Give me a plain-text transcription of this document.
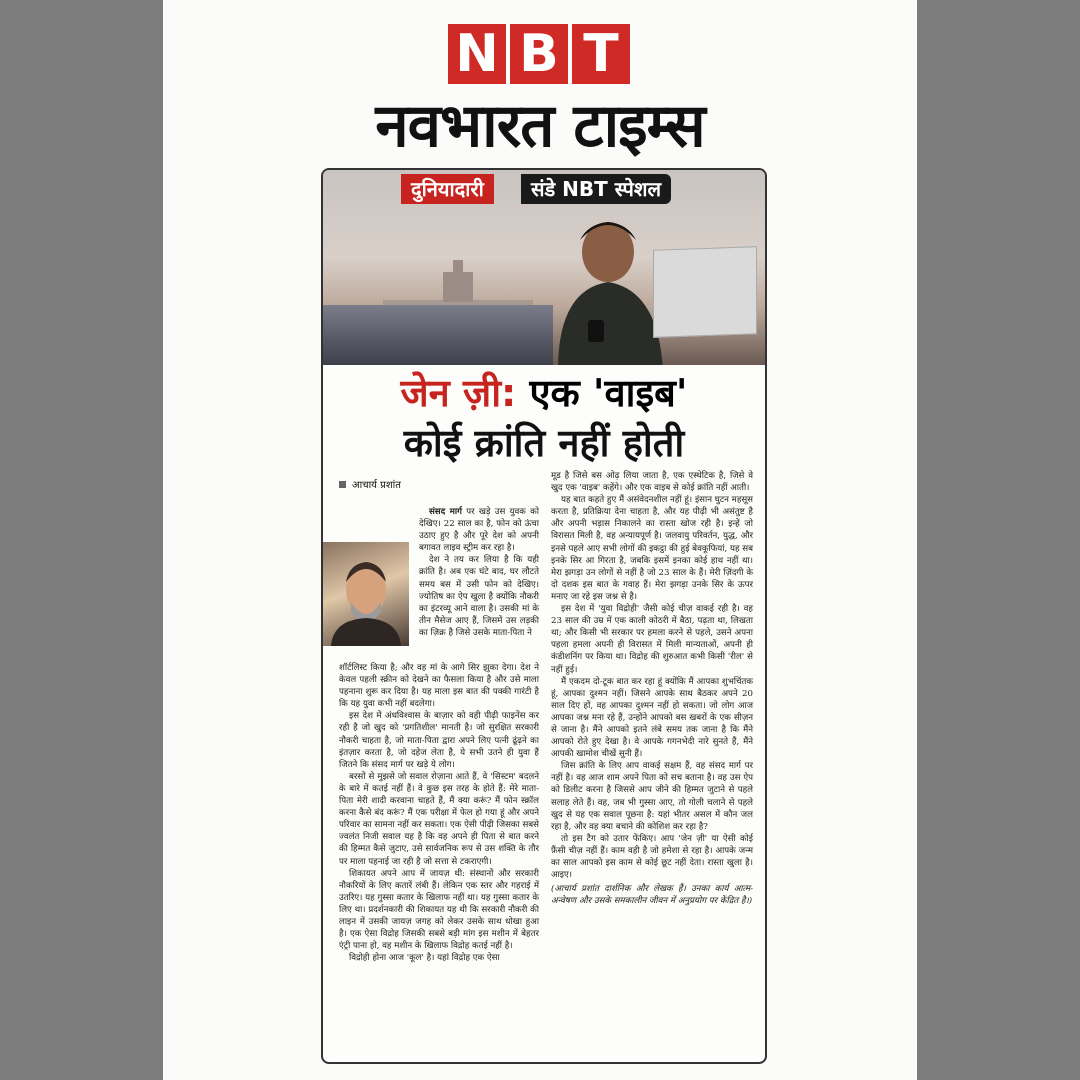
N B T
नवभारत टाइम्स
दुनियादारी	संडे NBT स्पेशल
जेन ज़ी: एक 'वाइब'
कोई क्रांति नहीं होती
आचार्य प्रशांत

संसद मार्ग पर खड़े उस युवक को देखिए। 22 साल का है, फोन को ऊंचा उठाए हुए है और पूरे देश को अपनी बगावत लाइव स्ट्रीम कर रहा है।

देश ने तय कर लिया है कि यही क्रांति है। अब एक घंटे बाद, घर लौटते समय बस में उसी फोन को देखिए। ज्योतिष का ऐप खुला है क्योंकि नौकरी का इंटरव्यू आने वाला है। उसकी मां के तीन मैसेज आए हैं, जिसमें उस लड़की का ज़िक्र है जिसे उसके माता-पिता ने

शॉर्टलिस्ट किया है; और वह मां के आगे सिर झुका देगा। देश ने केवल पहली स्क्रीन को देखने का फैसला किया है और उसे माला पहनाना शुरू कर दिया है। यह माला इस बात की पक्की गारंटी है कि यह युवा कभी नहीं बदलेगा।

इस देश में अंधविश्वास के बाज़ार को वही पीढ़ी फाइनेंस कर रही है जो खुद को 'प्रगतिशील' मानती है। जो सुरक्षित सरकारी नौकरी चाहता है, जो माता-पिता द्वारा अपने लिए पत्नी ढूंढ़ने का इंतज़ार करता है, जो दहेज लेता है, ये सभी उतने ही युवा हैं जितने कि संसद मार्ग पर खड़े ये लोग।

बरसों से मुझसे जो सवाल रोज़ाना आते हैं, वे 'सिस्टम' बदलने के बारे में कतई नहीं हैं। वे कुछ इस तरह के होते हैं: मेरे माता-पिता मेरी शादी करवाना चाहते हैं, मैं क्या करूं? मैं फोन स्क्रॉल करना कैसे बंद करूं? मैं एक परीक्षा में फेल हो गया हूं और अपने परिवार का सामना नहीं कर सकता। एक ऐसी पीढ़ी जिसका सबसे ज्वलंत निजी सवाल यह है कि वह अपने ही पिता से बात करने की हिम्मत कैसे जुटाए, उसे सार्वजनिक रूप से उस शक्ति के तौर पर माला पहनाई जा रही है जो सत्ता से टकराएगी।

शिकायत अपने आप में जायज़ थी: संस्थानों और सरकारी नौकरियों के लिए कतारें लंबी हैं। लेकिन एक स्तर और गहराई में उतरिए। यह गुस्सा कतार के खिलाफ नहीं था। यह गुस्सा कतार के लिए था। प्रदर्शनकारी की शिकायत यह थी कि सरकारी नौकरी की लाइन में उसकी जायज़ जगह को लेकर उसके साथ धोखा हुआ है। एक ऐसा विद्रोह जिसकी सबसे बड़ी मांग इस मशीन में बेहतर एंट्री पाना हो, वह मशीन के खिलाफ विद्रोह कतई नहीं है।

विद्रोही होना आज 'कूल' है। यहां विद्रोह एक ऐसा

मूड है जिसे बस ओढ़ लिया जाता है, एक एस्थेटिक है, जिसे वे खुद एक 'वाइब' कहेंगे। और एक वाइब से कोई क्रांति नहीं आती।

यह बात कहते हुए मैं असंवेदनशील नहीं हूं। इंसान घुटन महसूस करता है, प्रतिक्रिया देना चाहता है, और यह पीढ़ी भी असंतुष्ट है और अपनी भड़ास निकालने का रास्ता खोज रही है। इन्हें जो विरासत मिली है, वह अन्यायपूर्ण है। जलवायु परिवर्तन, युद्ध, और इनसे पहले आए सभी लोगों की इकट्ठा की हुई बेवकूफियां, यह सब इनके सिर आ गिरता है, जबकि इसमें इनका कोई हाथ नहीं था। मेरा झगड़ा उन लोगों से नहीं है जो 23 साल के हैं। मेरी ज़िंदगी के दो दशक इस बात के गवाह हैं। मेरा झगड़ा उनके सिर के ऊपर मनाए जा रहे इस जश्न से है।

इस देश में 'युवा विद्रोही' जैसी कोई चीज़ वाकई रही है। वह 23 साल की उम्र में एक काली कोठरी में बैठा, पढ़ता था, लिखता था; और किसी भी सरकार पर हमला करने से पहले, उसने अपना पहला हमला अपनी ही विरासत में मिली मान्यताओं, अपनी ही कंडीशनिंग पर किया था। विद्रोह की शुरुआत कभी किसी 'रील' से नहीं हुई।

मैं एकदम दो-टूक बात कर रहा हूं क्योंकि मैं आपका शुभचिंतक हूं, आपका दुश्मन नहीं। जिसने आपके साथ बैठकर अपने 20 साल दिए हों, वह आपका दुश्मन नहीं हो सकता। जो लोग आज आपका जश्न मना रहे हैं, उन्होंने आपको बस खबरों के एक सीज़न से जाना है। मैंने आपको इतने लंबे समय तक जाना है कि मैंने आपको रोते हुए देखा है। वे आपके गगनभेदी नारे सुनते हैं, मैंने आपकी खामोश चीखें सुनी हैं।

जिस क्रांति के लिए आप वाकई सक्षम हैं, वह संसद मार्ग पर नहीं है। वह आज शाम अपने पिता को सच बताना है। वह उस ऐप को डिलीट करना है जिससे आप जीने की हिम्मत जुटाने से पहले सलाह लेते हैं। वह, जब भी गुस्सा आए, तो गोली चलाने से पहले खुद से यह एक सवाल पूछना है: यहां भीतर असल में कौन जल रहा है, और वह क्या बचाने की कोशिश कर रहा है?

तो इस टैग को उतार फेंकिए। आप 'जेन ज़ी' या ऐसी कोई फ़ैंसी चीज़ नहीं हैं। काम वही है जो हमेशा से रहा है। आपके जन्म का साल आपको इस काम से कोई छूट नहीं देता। रास्ता खुला है। आइए।

(आचार्य प्रशांत दार्शनिक और लेखक हैं। उनका कार्य आत्म-अन्वेषण और उसके समकालीन जीवन में अनुप्रयोग पर केंद्रित है।)
